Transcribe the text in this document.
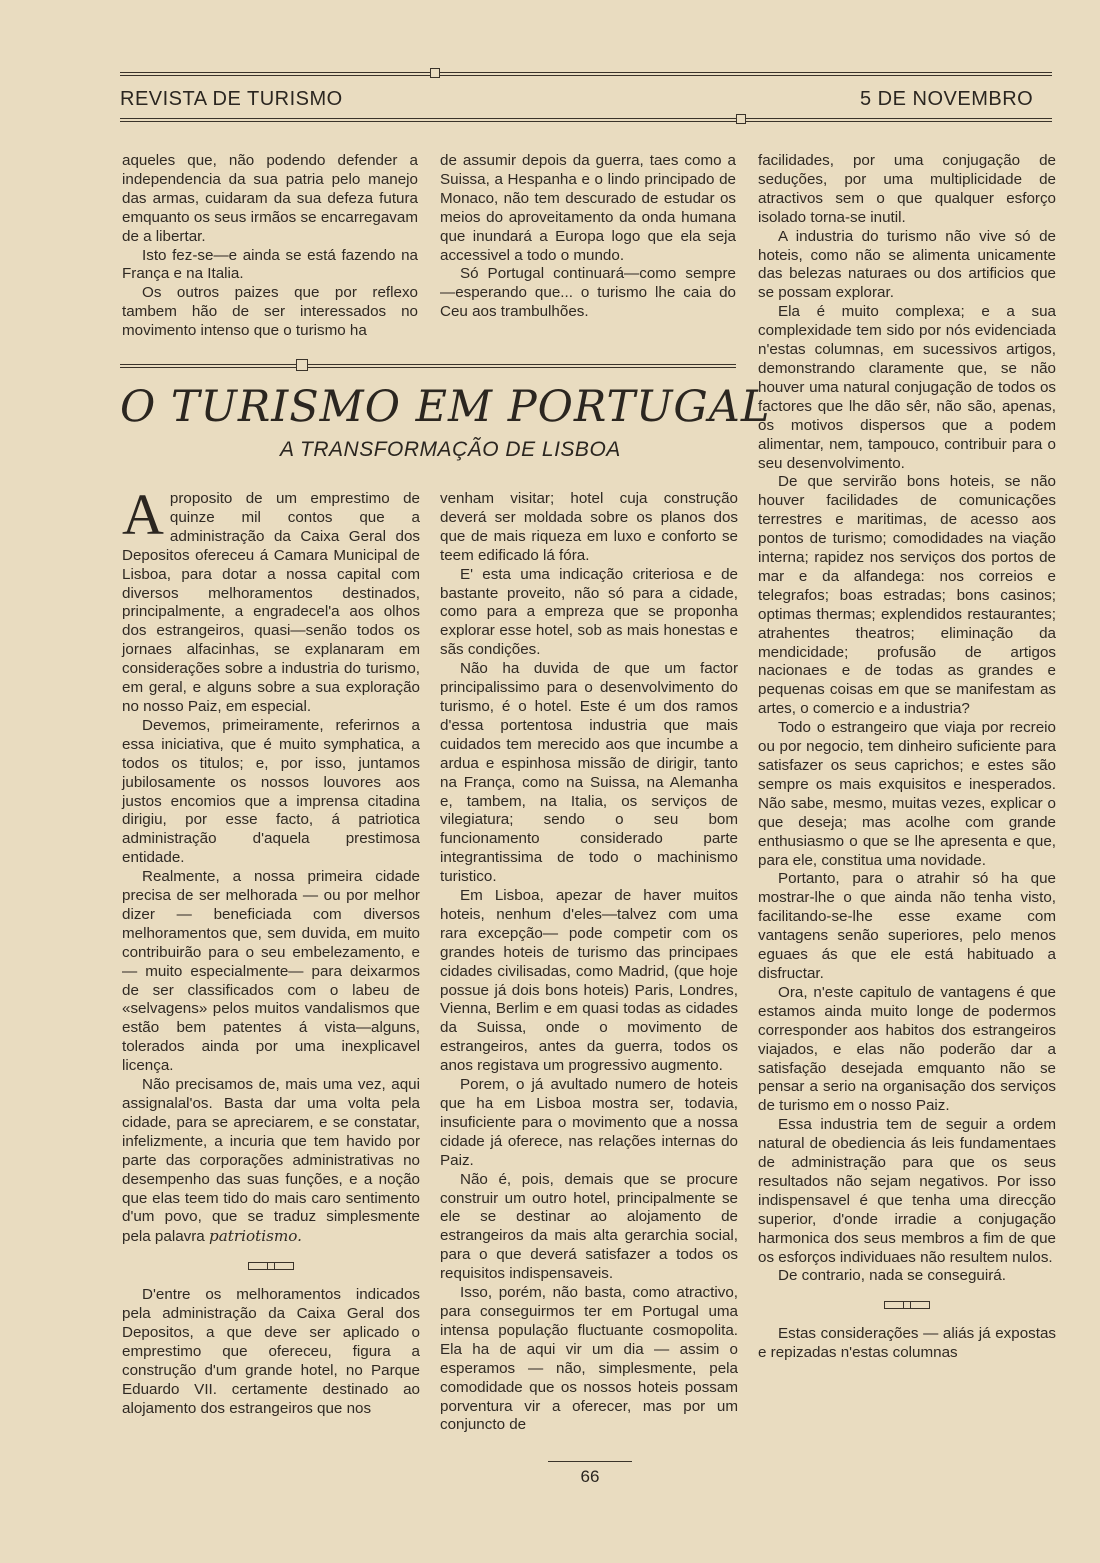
REVISTA DE TURISMO	5 DE NOVEMBRO

aqueles que, não podendo defender a independencia da sua patria pelo manejo das armas, cuidaram da sua defeza futura emquanto os seus irmãos se encarregavam de a libertar.

Isto fez-se—e ainda se está fazendo na França e na Italia.

Os outros paizes que por reflexo tambem hão de ser interessados no movimento intenso que o turismo ha

de assumir depois da guerra, taes como a Suissa, a Hespanha e o lindo principado de Monaco, não tem descurado de estudar os meios do aproveitamento da onda humana que inundará a Europa logo que ela seja accessivel a todo o mundo.

Só Portugal continuará—como sempre—esperando que... o turismo lhe caia do Ceu aos trambulhões.

O TURISMO EM PORTUGAL
A TRANSFORMAÇÃO DE LISBOA

Aproposito de um emprestimo de quinze mil contos que a administração da Caixa Geral dos Depositos ofereceu á Camara Municipal de Lisboa, para dotar a nossa capital com diversos melhoramentos destinados, principalmente, a engradecel'a aos olhos dos estrangeiros, quasi—senão todos os jornaes alfacinhas, se explanaram em considerações sobre a industria do turismo, em geral, e alguns sobre a sua exploração no nosso Paiz, em especial.

Devemos, primeiramente, referirnos a essa iniciativa, que é muito symphatica, a todos os titulos; e, por isso, juntamos jubilosamente os nossos louvores aos justos encomios que a imprensa citadina dirigiu, por esse facto, á patriotica administração d'aquela prestimosa entidade.

Realmente, a nossa primeira cidade precisa de ser melhorada — ou por melhor dizer — beneficiada com diversos melhoramentos que, sem duvida, em muito contribuirão para o seu embelezamento, e — muito especialmente— para deixarmos de ser classificados com o labeu de «selvagens» pelos muitos vandalismos que estão bem patentes á vista—alguns, tolerados ainda por uma inexplicavel licença.

Não precisamos de, mais uma vez, aqui assignalal'os. Basta dar uma volta pela cidade, para se apreciarem, e se constatar, infelizmente, a incuria que tem havido por parte das corporações administrativas no desempenho das suas funções, e a noção que elas teem tido do mais caro sentimento d'um povo, que se traduz simplesmente pela palavra patriotismo.

D'entre os melhoramentos indicados pela administração da Caixa Geral dos Depositos, a que deve ser aplicado o emprestimo que ofereceu, figura a construção d'um grande hotel, no Parque Eduardo VII. certamente destinado ao alojamento dos estrangeiros que nos

venham visitar; hotel cuja construção deverá ser moldada sobre os planos dos que de mais riqueza em luxo e conforto se teem edificado lá fóra.

E' esta uma indicação criteriosa e de bastante proveito, não só para a cidade, como para a empreza que se proponha explorar esse hotel, sob as mais honestas e sãs condições.

Não ha duvida de que um factor principalissimo para o desenvolvimento do turismo, é o hotel. Este é um dos ramos d'essa portentosa industria que mais cuidados tem merecido aos que incumbe a ardua e espinhosa missão de dirigir, tanto na França, como na Suissa, na Alemanha e, tambem, na Italia, os serviços de vilegiatura; sendo o seu bom funcionamento considerado parte integrantissima de todo o machinismo turistico.

Em Lisboa, apezar de haver muitos hoteis, nenhum d'eles—talvez com uma rara excepção— pode competir com os grandes hoteis de turismo das principaes cidades civilisadas, como Madrid, (que hoje possue já dois bons hoteis) Paris, Londres, Vienna, Berlim e em quasi todas as cidades da Suissa, onde o movimento de estrangeiros, antes da guerra, todos os anos registava um progressivo augmento.

Porem, o já avultado numero de hoteis que ha em Lisboa mostra ser, todavia, insuficiente para o movimento que a nossa cidade já oferece, nas relações internas do Paiz.

Não é, pois, demais que se procure construir um outro hotel, principalmente se ele se destinar ao alojamento de estrangeiros da mais alta gerarchia social, para o que deverá satisfazer a todos os requisitos indispensaveis.

Isso, porém, não basta, como atractivo, para conseguirmos ter em Portugal uma intensa população fluctuante cosmopolita. Ela ha de aqui vir um dia — assim o esperamos — não, simplesmente, pela comodidade que os nossos hoteis possam porventura vir a oferecer, mas por um conjuncto de

facilidades, por uma conjugação de seduções, por uma multiplicidade de atractivos sem o que qualquer esforço isolado torna-se inutil.

A industria do turismo não vive só de hoteis, como não se alimenta unicamente das belezas naturaes ou dos artificios que se possam explorar.

Ela é muito complexa; e a sua complexidade tem sido por nós evidenciada n'estas columnas, em sucessivos artigos, demonstrando claramente que, se não houver uma natural conjugação de todos os factores que lhe dão sêr, não são, apenas, os motivos dispersos que a podem alimentar, nem, tampouco, contribuir para o seu desenvolvimento.

De que servirão bons hoteis, se não houver facilidades de comunicações terrestres e maritimas, de acesso aos pontos de turismo; comodidades na viação interna; rapidez nos serviços dos portos de mar e da alfandega: nos correios e telegrafos; boas estradas; bons casinos; optimas thermas; explendidos restaurantes; atrahentes theatros; eliminação da mendicidade; profusão de artigos nacionaes e de todas as grandes e pequenas coisas em que se manifestam as artes, o comercio e a industria?

Todo o estrangeiro que viaja por recreio ou por negocio, tem dinheiro suficiente para satisfazer os seus caprichos; e estes são sempre os mais exquisitos e inesperados. Não sabe, mesmo, muitas vezes, explicar o que deseja; mas acolhe com grande enthusiasmo o que se lhe apresenta e que, para ele, constitua uma novidade.

Portanto, para o atrahir só ha que mostrar-lhe o que ainda não tenha visto, facilitando-se-lhe esse exame com vantagens senão superiores, pelo menos eguaes ás que ele está habituado a disfructar.

Ora, n'este capitulo de vantagens é que estamos ainda muito longe de podermos corresponder aos habitos dos estrangeiros viajados, e elas não poderão dar a satisfação desejada emquanto não se pensar a serio na organisação dos serviços de turismo em o nosso Paiz.

Essa industria tem de seguir a ordem natural de obediencia ás leis fundamentaes de administração para que os seus resultados não sejam negativos. Por isso indispensavel é que tenha uma direcção superior, d'onde irradie a conjugação harmonica dos seus membros a fim de que os esforços individuaes não resultem nulos.

De contrario, nada se conseguirá.

Estas considerações — aliás já expostas e repizadas n'estas columnas

66
